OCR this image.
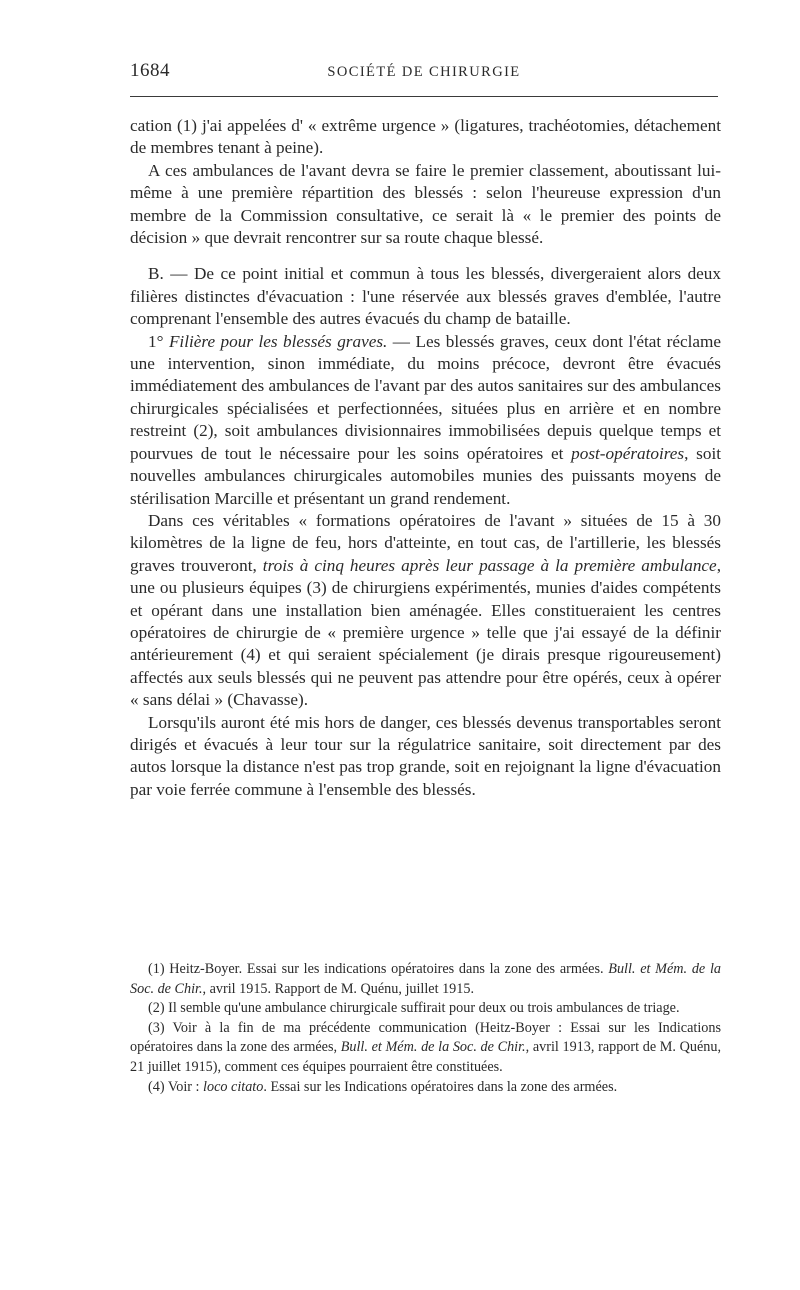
1684	SOCIÉTÉ DE CHIRURGIE

cation (1) j'ai appelées d' « extrême urgence » (ligatures, trachéotomies, détachement de membres tenant à peine).

A ces ambulances de l'avant devra se faire le premier classement, aboutissant lui-même à une première répartition des blessés : selon l'heureuse expression d'un membre de la Commission consultative, ce serait là « le premier des points de décision » que devrait rencontrer sur sa route chaque blessé.

B. — De ce point initial et commun à tous les blessés, divergeraient alors deux filières distinctes d'évacuation : l'une réservée aux blessés graves d'emblée, l'autre comprenant l'ensemble des autres évacués du champ de bataille.

1° Filière pour les blessés graves. — Les blessés graves, ceux dont l'état réclame une intervention, sinon immédiate, du moins précoce, devront être évacués immédiatement des ambulances de l'avant par des autos sanitaires sur des ambulances chirurgicales spécialisées et perfectionnées, situées plus en arrière et en nombre restreint (2), soit ambulances divisionnaires immobilisées depuis quelque temps et pourvues de tout le nécessaire pour les soins opératoires et post-opératoires, soit nouvelles ambulances chirurgicales automobiles munies des puissants moyens de stérilisation Marcille et présentant un grand rendement.

Dans ces véritables « formations opératoires de l'avant » situées de 15 à 30 kilomètres de la ligne de feu, hors d'atteinte, en tout cas, de l'artillerie, les blessés graves trouveront, trois à cinq heures après leur passage à la première ambulance, une ou plusieurs équipes (3) de chirurgiens expérimentés, munies d'aides compétents et opérant dans une installation bien aménagée. Elles constitueraient les centres opératoires de chirurgie de « première urgence » telle que j'ai essayé de la définir antérieurement (4) et qui seraient spécialement (je dirais presque rigoureusement) affectés aux seuls blessés qui ne peuvent pas attendre pour être opérés, ceux à opérer « sans délai » (Chavasse).

Lorsqu'ils auront été mis hors de danger, ces blessés devenus transportables seront dirigés et évacués à leur tour sur la régulatrice sanitaire, soit directement par des autos lorsque la distance n'est pas trop grande, soit en rejoignant la ligne d'évacuation par voie ferrée commune à l'ensemble des blessés.

(1) Heitz-Boyer. Essai sur les indications opératoires dans la zone des armées. Bull. et Mém. de la Soc. de Chir., avril 1915. Rapport de M. Quénu, juillet 1915.

(2) Il semble qu'une ambulance chirurgicale suffirait pour deux ou trois ambulances de triage.

(3) Voir à la fin de ma précédente communication (Heitz-Boyer : Essai sur les Indications opératoires dans la zone des armées, Bull. et Mém. de la Soc. de Chir., avril 1913, rapport de M. Quénu, 21 juillet 1915), comment ces équipes pourraient être constituées.

(4) Voir : loco citato. Essai sur les Indications opératoires dans la zone des armées.
